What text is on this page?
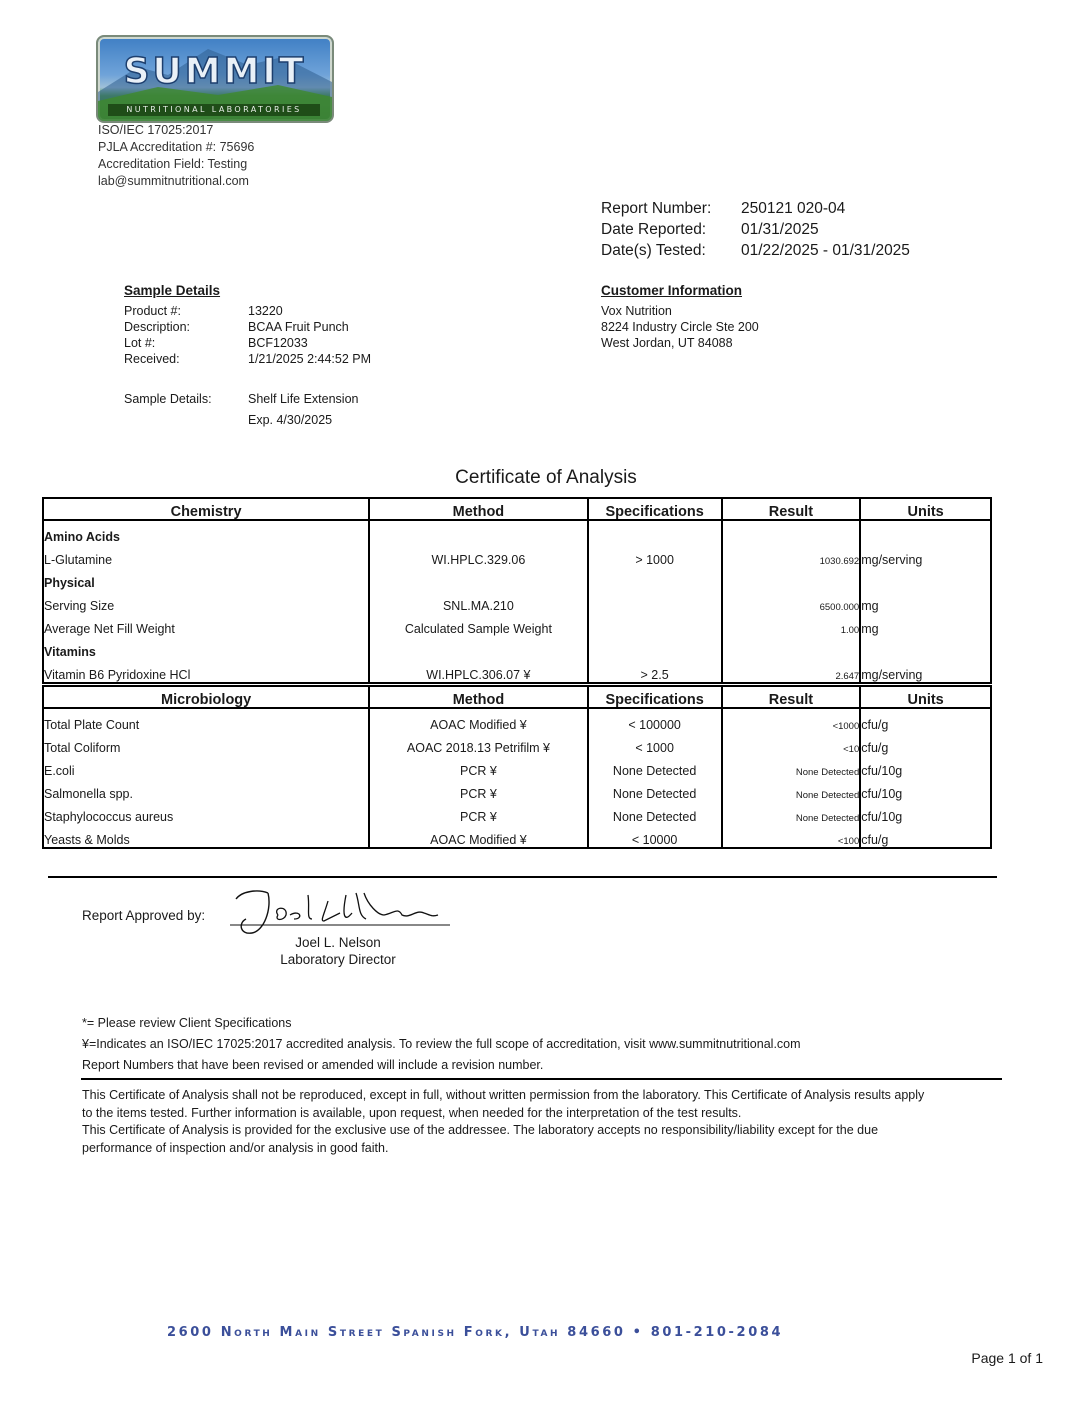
SUMMIT
NUTRITIONAL LABORATORIES
ISO/IEC 17025:2017
PJLA Accreditation #: 75696
Accreditation Field: Testing
lab@summitnutritional.com
Report Number: 250121 020-04
Date Reported: 01/31/2025
Date(s) Tested: 01/22/2025 - 01/31/2025
Sample Details
Product #:	13220
Description:	BCAA Fruit Punch
Lot #:	BCF12033
Received:	1/21/2025 2:44:52 PM
Sample Details:	Shelf Life Extension
Exp. 4/30/2025
Customer Information
Vox Nutrition
8224 Industry Circle Ste 200
West Jordan, UT 84088
Certificate of Analysis
Chemistry	Method	Specifications	Result	Units
Amino Acids				
L-Glutamine	WI.HPLC.329.06	> 1000	1030.692	mg/serving
Physical				
Serving Size	SNL.MA.210		6500.000	mg
Average Net Fill Weight	Calculated Sample Weight		1.00	mg
Vitamins				
Vitamin B6 Pyridoxine HCl	WI.HPLC.306.07 ¥	> 2.5	2.647	mg/serving
Microbiology	Method	Specifications	Result	Units
Total Plate Count	AOAC Modified ¥	< 100000	<1000	cfu/g
Total Coliform	AOAC 2018.13 Petrifilm ¥	< 1000	<10	cfu/g
E.coli	PCR ¥	None Detected	None Detected	cfu/10g
Salmonella spp.	PCR ¥	None Detected	None Detected	cfu/10g
Staphylococcus aureus	PCR ¥	None Detected	None Detected	cfu/10g
Yeasts & Molds	AOAC Modified ¥	< 10000	<100	cfu/g
Report Approved by:
Joel L. Nelson
Laboratory Director
*= Please review Client Specifications
¥=Indicates an ISO/IEC 17025:2017 accredited analysis. To review the full scope of accreditation, visit www.summitnutritional.com
Report Numbers that have been revised or amended will include a revision number.
This Certificate of Analysis shall not be reproduced, except in full, without written permission from the laboratory. This Certificate of Analysis results apply
to the items tested. Further information is available, upon request, when needed for the interpretation of the test results.
This Certificate of Analysis is provided for the exclusive use of the addressee. The laboratory accepts no responsibility/liability except for the due
performance of inspection and/or analysis in good faith.
2600 North Main Street Spanish Fork, Utah 84660 • 801-210-2084
Page 1 of 1
